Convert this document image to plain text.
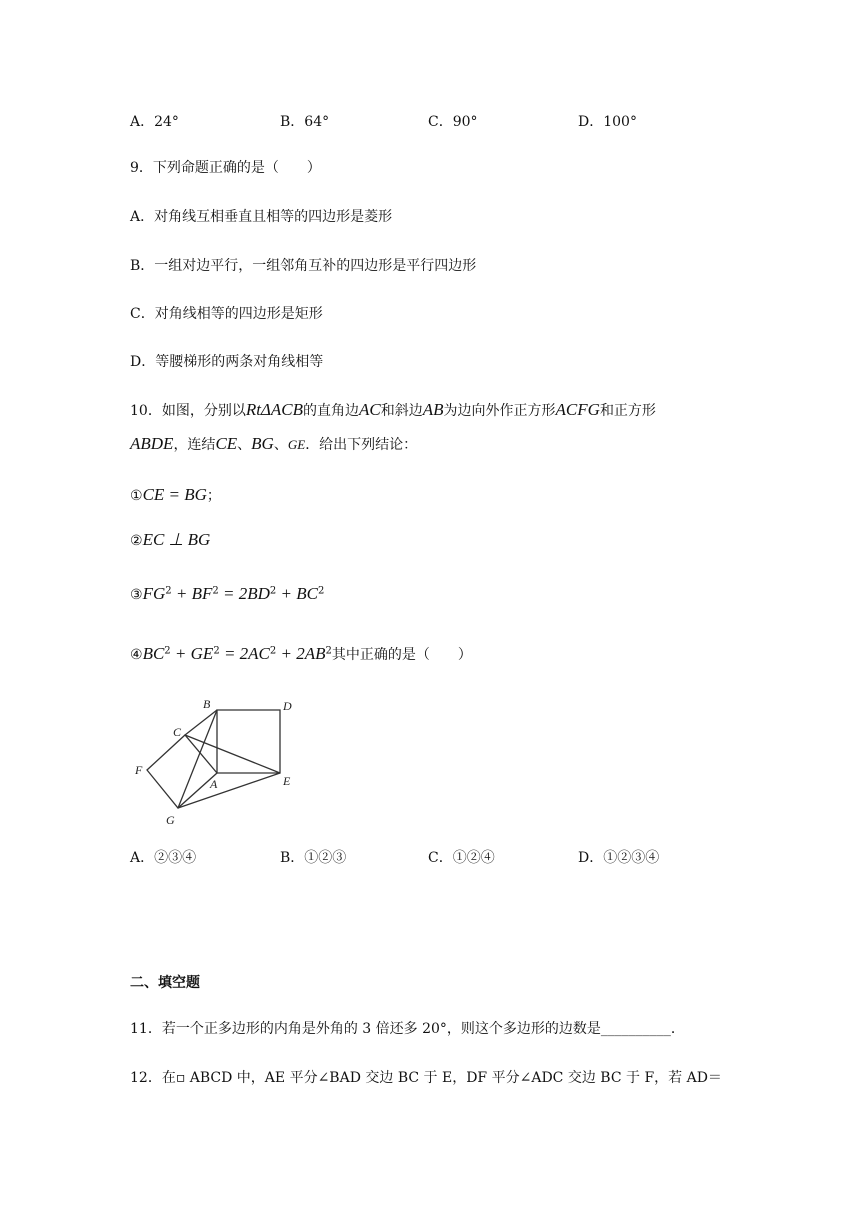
A．24°	B．64°	C．90°	D．100°
9．下列命题正确的是（　　）
A．对角线互相垂直且相等的四边形是菱形
B．一组对边平行，一组邻角互补的四边形是平行四边形
C．对角线相等的四边形是矩形
D．等腰梯形的两条对角线相等
10．如图，分别以RtΔACB的直角边AC和斜边AB为边向外作正方形ACFG和正方形
ABDE，连结CE、BG、GE．给出下列结论：
①CE = BG；
②EC ⊥ BG
$③FG^2 + BF^2 = 2BD^2 + BC^2$
$④BC^2 + GE^2 = 2AC^2 + 2AB^2$其中正确的是（　　）
B	D
C
F
A	E
G
A．②③④	B．①②③	C．①②④	D．①②③④
二、填空题
11．若一个正多边形的内角是外角的 3 倍还多 20°，则这个多边形的边数是__________．
12．在▫ ABCD 中，AE 平分∠BAD 交边 BC 于 E，DF 平分∠ADC 交边 BC 于 F，若 AD＝
